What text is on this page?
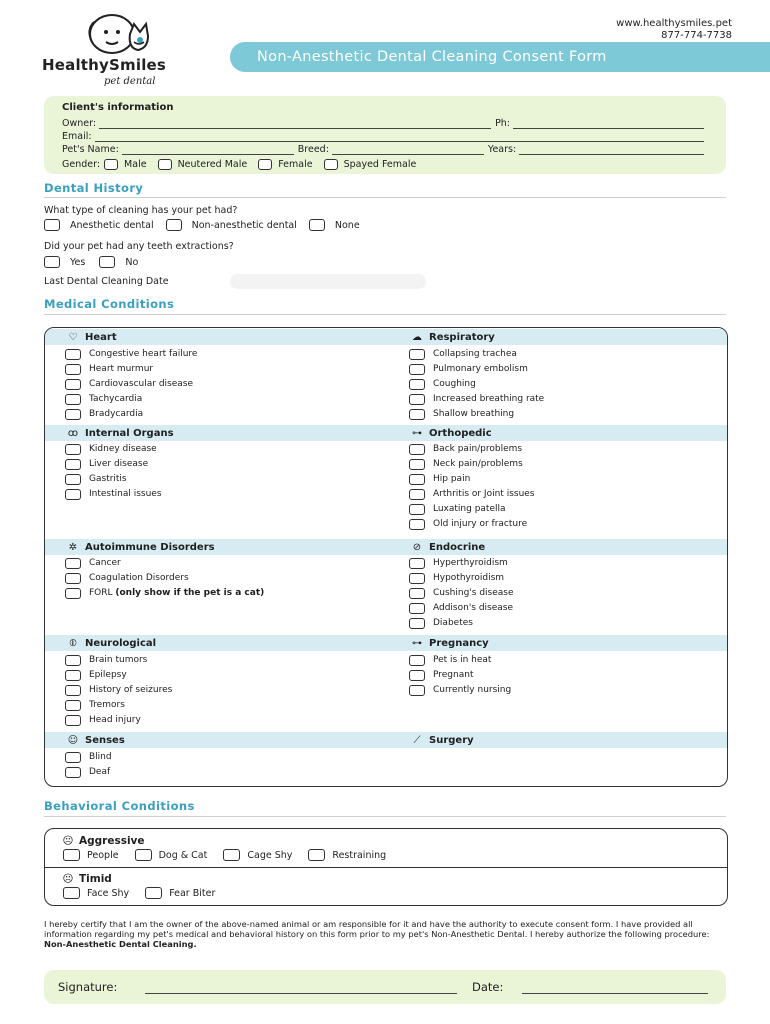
HealthySmiles
pet dental
www.healthysmiles.pet
877-774-7738
Non-Anesthetic Dental Cleaning Consent Form
Client's information
Owner:	Ph:
Email:
Pet's Name:	Breed:	Years:
Gender:	Male	Neutered Male	Female	Spayed Female
Dental History
What type of cleaning has your pet had?
Anesthetic dental	Non-anesthetic dental	None
Did your pet had any teeth extractions?
Yes	No
Last Dental Cleaning Date
Medical Conditions
♡ Heart	☁ Respiratory
Congestive heart failure
Heart murmur
Cardiovascular disease
Tachycardia
Bradycardia
Collapsing trachea
Pulmonary embolism
Coughing
Increased breathing rate
Shallow breathing
ꝏ Internal Organs	⊶ Orthopedic
Kidney disease
Liver disease
Gastritis
Intestinal issues
Back pain/problems
Neck pain/problems
Hip pain
Arthritis or Joint issues
Luxating patella
Old injury or fracture
✲ Autoimmune Disorders	⊘ Endocrine
Cancer
Coagulation Disorders
FORL (only show if the pet is a cat)
Hyperthyroidism
Hypothyroidism
Cushing's disease
Addison's disease
Diabetes
⦶ Neurological	⊶ Pregnancy
Brain tumors
Epilepsy
History of seizures
Tremors
Head injury
Pet is in heat
Pregnant
Currently nursing
☺ Senses	⟋ Surgery
Blind
Deaf
Behavioral Conditions
☹ Aggressive
People	Dog & Cat	Cage Shy	Restraining
☹ Timid
Face Shy	Fear Biter
I hereby certify that I am the owner of the above-named animal or am responsible for it and have the authority to execute consent form. I have provided all information regarding my pet's medical and behavioral history on this form prior to my pet's Non-Anesthetic Dental. I hereby authorize the following procedure:
Non-Anesthetic Dental Cleaning.
Signature:	Date:
